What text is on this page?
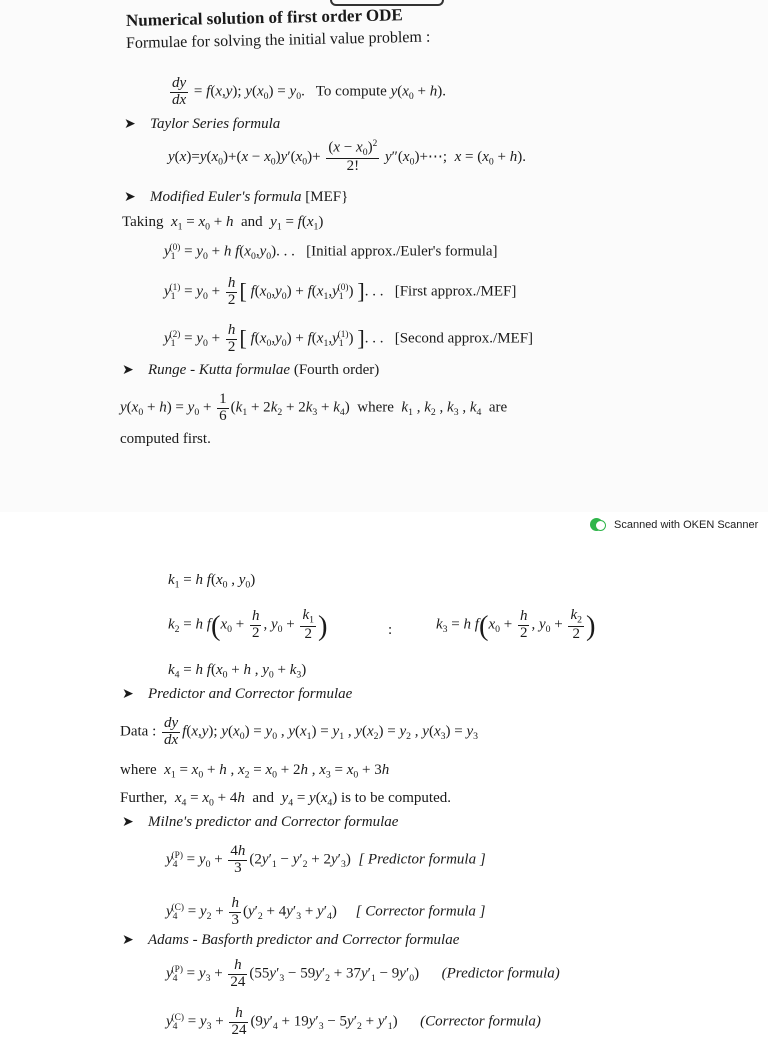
Numerical solution of first order ODE
Formulae for solving the initial value problem :
$\frac{dy}{dx} = f(x,y)$; $y(x_0) = y_0$.   To compute $y(x_0 + h)$.
➤ Taylor Series formula
$y(x)=y(x_0)+(x - x_0)y'(x_0)+ \frac{(x - x_0)^2}{2!}$ $y''(x_0)+\cdots$;  $x = (x_0 + h)$.
➤ Modified Euler's formula [MEF}
Taking $x_1 = x_0 + h$ and $y_1 = f(x_1)$
$y_1^{(0)} = y_0 + h$ $f(x_0,y_0)$. . .   [Initial approx./Euler's formula]
$y_1^{(1)} = y_0 + \frac{h}{2}$ [ $f(x_0,y_0) + f(x_1,y_1^{(0)})$ ]. . .   [First approx./MEF]
$y_1^{(2)} = y_0 + \frac{h}{2}$ [ $f(x_0,y_0) + f(x_1,y_1^{(1)})$ ]. . .   [Second approx./MEF]
➤ Runge - Kutta formulae (Fourth order)
$y(x_0 + h) = y_0 + \frac{1}{6} (k_1 + 2k_2 + 2k_3 + k_4)$  where $k_1$ , $k_2$ , $k_3$ , $k_4$ are
computed first.
Scanned with OKEN Scanner
$k_1 = h$ $f(x_0$ , $y_0$)
$k_2 = h$ $f(x_0 + \frac{h}{2}$ , $y_0 + \frac{k_1}{2}$ )	:	$k_3 = h$ $f(x_0 + \frac{h}{2}$ , $y_0 + \frac{k_2}{2}$ )
$k_4 = h$ $f(x_0 + h$ , $y_0 + k_3$)
➤ Predictor and Corrector formulae
Data : $\frac{dy}{dx} f(x,y)$; $y(x_0) = y_0$ , $y(x_1) = y_1$ , $y(x_2) = y_2$ , $y(x_3) = y_3$
where $x_1 = x_0 + h$ , $x_2 = x_0 + 2h$ , $x_3 = x_0 + 3h$
Further, $x_4 = x_0 + 4h$ and $y_4 = y(x_4)$ is to be computed.
➤ Milne's predictor and Corrector formulae
$y_4^{(P)} = y_0 + \frac{4h}{3} (2y'_1 - y'_2 + 2y'_3)$  [ Predictor formula ]
$y_4^{(C)} = y_2 + \frac{h}{3} (y'_2 + 4y'_3 + y'_4)$     [ Corrector formula ]
➤ Adams - Basforth predictor and Corrector formulae
$y_4^{(P)} = y_3 + \frac{h}{24} (55y'_3 - 59y'_2 + 37y'_1 - 9y'_0)$      (Predictor formula)
$y_4^{(C)} = y_3 + \frac{h}{24} (9y'_4 + 19y'_3 - 5y'_2 + y'_1)$      (Corrector formula)
